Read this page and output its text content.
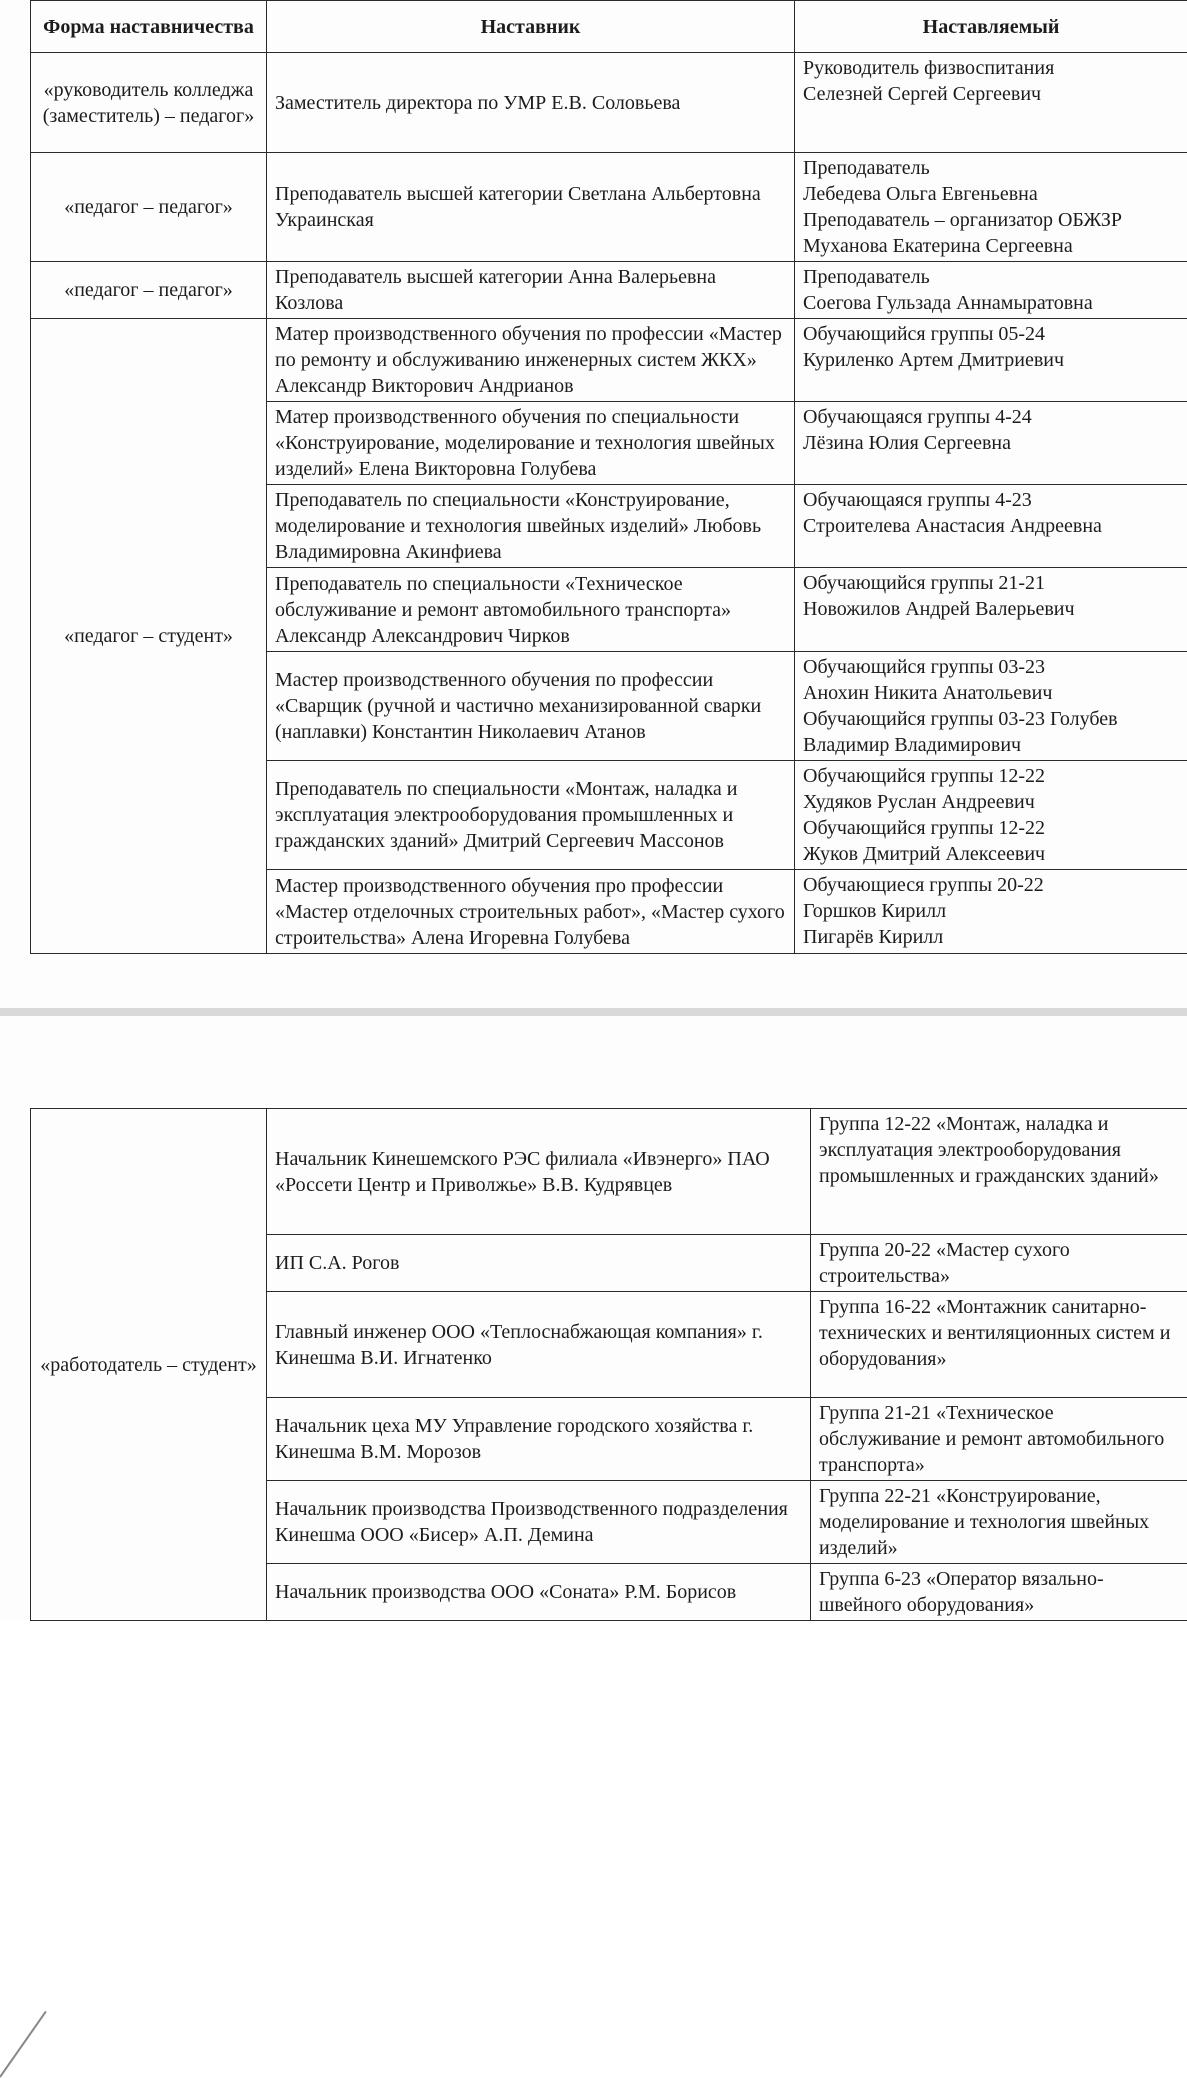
Форма наставничества	Наставник	Наставляемый
«руководитель колледжа (заместитель) – педагог»	Заместитель директора по УМР Е.В. Соловьева	Руководитель физвоспитания
Селезней Сергей Сергеевич

«педагог – педагог»	Преподаватель высшей категории Светлана Альбертовна Украинская	Преподаватель
Лебедева Ольга Евгеньевна
Преподаватель – организатор ОБЖЗР
Муханова Екатерина Сергеевна

«педагог – педагог»	Преподаватель высшей категории Анна Валерьевна Козлова	Преподаватель
Соегова Гульзада Аннамыратовна

«педагог – студент»	Матер производственного обучения по профессии «Мастер по ремонту и обслуживанию инженерных систем ЖКХ» Александр Викторович Андрианов	Обучающийся группы 05-24
Куриленко Артем Дмитриевич

	Матер производственного обучения по специальности «Конструирование, моделирование и технология швейных изделий» Елена Викторовна Голубева	Обучающаяся группы 4-24
Лёзина Юлия Сергеевна

	Преподаватель по специальности «Конструирование, моделирование и технология швейных изделий» Любовь Владимировна Акинфиева	Обучающаяся группы 4-23
Строителева Анастасия Андреевна

	Преподаватель по специальности «Техническое обслуживание и ремонт автомобильного транспорта» Александр Александрович Чирков	Обучающийся группы 21-21
Новожилов Андрей Валерьевич

	Мастер производственного обучения по профессии «Сварщик (ручной и частично механизированной сварки (наплавки) Константин Николаевич Атанов	Обучающийся группы 03-23
Анохин Никита Анатольевич
Обучающийся группы 03-23 Голубев Владимир Владимирович

	Преподаватель по специальности «Монтаж, наладка и эксплуатация электрооборудования промышленных и гражданских зданий» Дмитрий Сергеевич Массонов	Обучающийся группы 12-22
Худяков Руслан Андреевич
Обучающийся группы 12-22
Жуков Дмитрий Алексеевич

	Мастер производственного обучения про профессии «Мастер отделочных строительных работ», «Мастер сухого строительства» Алена Игоревна Голубева	Обучающиеся группы 20-22
Горшков Кирилл
Пигарёв Кирилл
«работодатель – студент»	Начальник Кинешемского РЭС филиала «Ивэнерго» ПАО «Россети Центр и Приволжье» В.В. Кудрявцев	Группа 12-22 «Монтаж, наладка и эксплуатация электрооборудования промышленных и гражданских зданий»
	ИП С.А. Рогов	Группа 20-22 «Мастер сухого строительства»
	Главный инженер ООО «Теплоснабжающая компания» г. Кинешма В.И. Игнатенко	Группа 16-22 «Монтажник санитарно-технических и вентиляционных систем и оборудования»
	Начальник цеха МУ Управление городского хозяйства г. Кинешма В.М. Морозов	Группа 21-21 «Техническое обслуживание и ремонт автомобильного транспорта»
	Начальник производства Производственного подразделения Кинешма ООО «Бисер» А.П. Демина	Группа 22-21 «Конструирование, моделирование и технология швейных изделий»
	Начальник производства ООО «Соната» Р.М. Борисов	Группа 6-23 «Оператор вязально-швейного оборудования»
